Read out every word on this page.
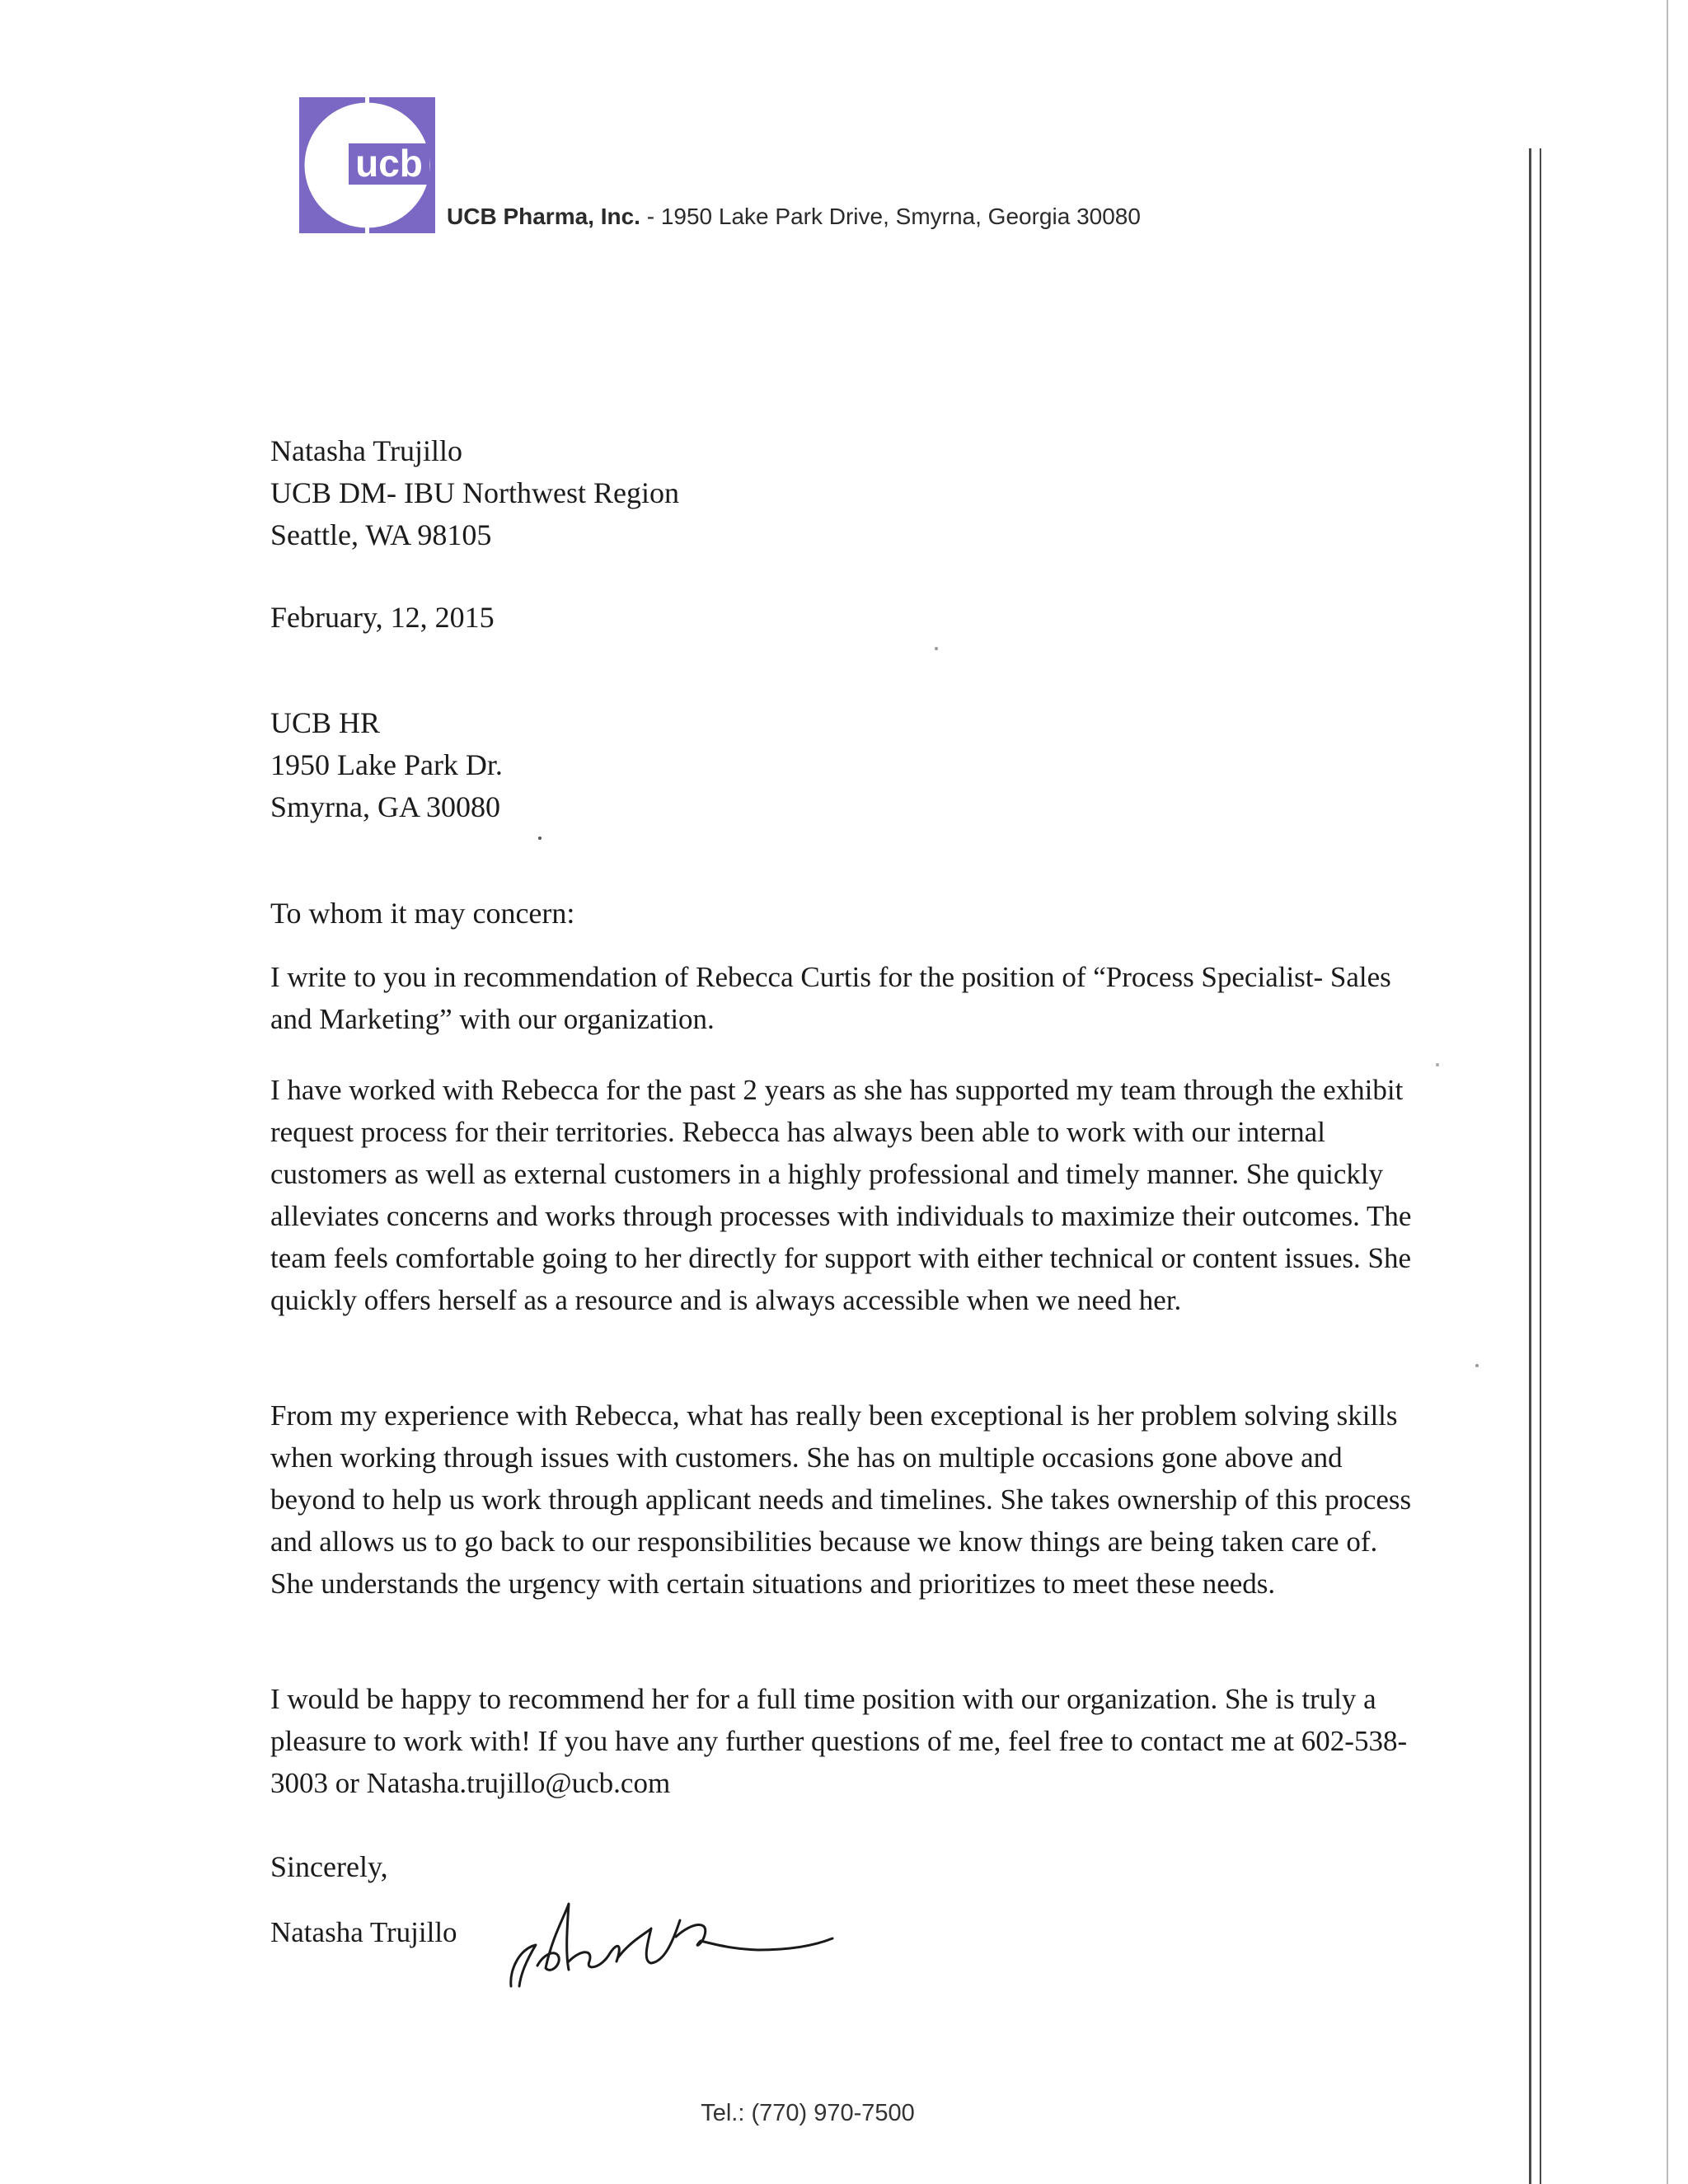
ucb
UCB Pharma, Inc. - 1950 Lake Park Drive, Smyrna, Georgia 30080
Natasha Trujillo
UCB DM- IBU Northwest Region
Seattle, WA 98105
February, 12, 2015
UCB HR
1950 Lake Park Dr.
Smyrna, GA 30080
To whom it may concern:
I write to you in recommendation of Rebecca Curtis for the position of “Process Specialist- Sales and Marketing” with our organization.
I have worked with Rebecca for the past 2 years as she has supported my team through the exhibit request process for their territories. Rebecca has always been able to work with our internal customers as well as external customers in a highly professional and timely manner. She quickly alleviates concerns and works through processes with individuals to maximize their outcomes. The team feels comfortable going to her directly for support with either technical or content issues. She quickly offers herself as a resource and is always accessible when we need her.
From my experience with Rebecca, what has really been exceptional is her problem solving skills when working through issues with customers. She has on multiple occasions gone above and beyond to help us work through applicant needs and timelines. She takes ownership of this process and allows us to go back to our responsibilities because we know things are being taken care of. She understands the urgency with certain situations and prioritizes to meet these needs.
I would be happy to recommend her for a full time position with our organization. She is truly a pleasure to work with! If you have any further questions of me, feel free to contact me at 602-538-3003 or Natasha.trujillo@ucb.com
Sincerely,
Natasha Trujillo
Tel.: (770) 970-7500
